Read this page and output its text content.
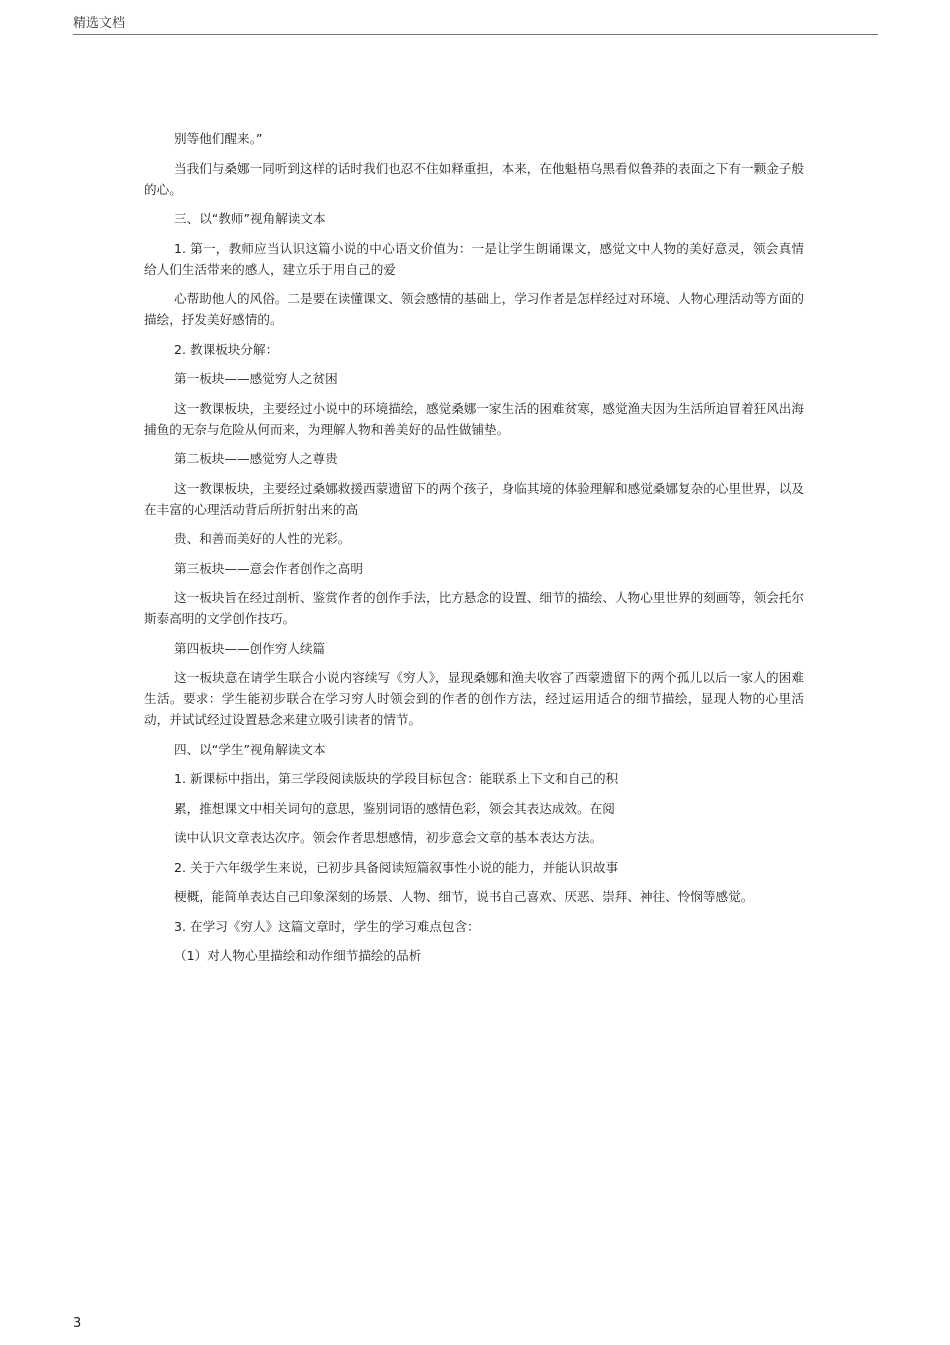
精选文档

别等他们醒来。”

当我们与桑娜一同听到这样的话时我们也忍不住如释重担，本来，在他魁梧乌黑看似鲁莽的表面之下有一颗金子般的心。

三、以“教师”视角解读文本

1. 第一，教师应当认识这篇小说的中心语文价值为：一是让学生朗诵课文，感觉文中人物的美好意灵，领会真情给人们生活带来的感人，建立乐于用自己的爱

心帮助他人的风俗。二是要在读懂课文、领会感情的基础上，学习作者是怎样经过对环境、人物心理活动等方面的描绘，抒发美好感情的。

2. 教课板块分解：

第一板块——感觉穷人之贫困

这一教课板块，主要经过小说中的环境描绘，感觉桑娜一家生活的困难贫寒，感觉渔夫因为生活所迫冒着狂风出海捕鱼的无奈与危险从何而来，为理解人物和善美好的品性做铺垫。

第二板块——感觉穷人之尊贵

这一教课板块，主要经过桑娜救援西蒙遗留下的两个孩子，身临其境的体验理解和感觉桑娜复杂的心里世界，以及在丰富的心理活动背后所折射出来的高

贵、和善而美好的人性的光彩。

第三板块——意会作者创作之高明

这一板块旨在经过剖析、鉴赏作者的创作手法，比方悬念的设置、细节的描绘、人物心里世界的刻画等，领会托尔斯泰高明的文学创作技巧。

第四板块——创作穷人续篇

这一板块意在请学生联合小说内容续写《穷人》，显现桑娜和渔夫收容了西蒙遗留下的两个孤儿以后一家人的困难生活。要求：学生能初步联合在学习穷人时领会到的作者的创作方法，经过运用适合的细节描绘，显现人物的心里活动，并试试经过设置悬念来建立吸引读者的情节。

四、以“学生”视角解读文本

1. 新课标中指出，第三学段阅读版块的学段目标包含：能联系上下文和自己的积

累，推想课文中相关词句的意思，鉴别词语的感情色彩，领会其表达成效。在阅

读中认识文章表达次序。领会作者思想感情，初步意会文章的基本表达方法。

2. 关于六年级学生来说，已初步具备阅读短篇叙事性小说的能力，并能认识故事

梗概，能简单表达自己印象深刻的场景、人物、细节，说书自己喜欢、厌恶、崇拜、神往、怜悯等感觉。

3. 在学习《穷人》这篇文章时，学生的学习难点包含：

（1）对人物心里描绘和动作细节描绘的品析

3
